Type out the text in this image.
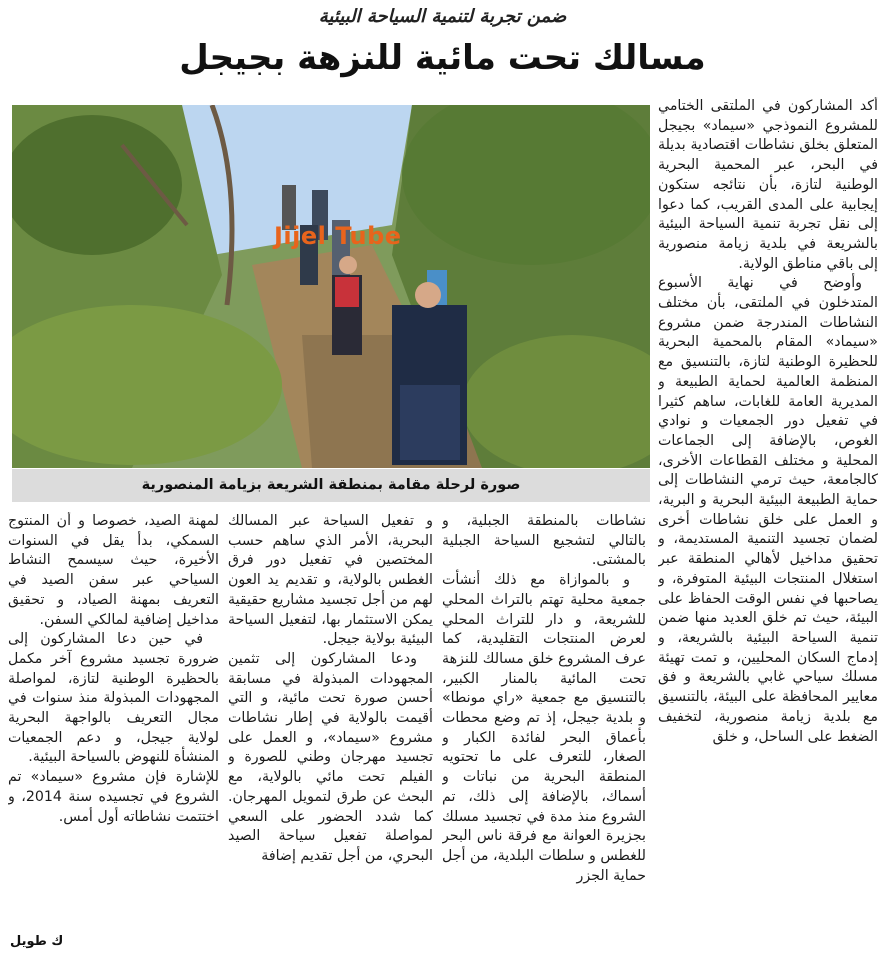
ضمن تجربة لتنمية السياحة البيئية
مسالك تحت مائية للنزهة بجيجل
Jijel Tube
صورة لرحلة مقامة بمنطقة الشريعة بزيامة المنصورية

أكد المشاركون في الملتقى الختامي للمشروع النموذجي «سيماد» بجيجل المتعلق بخلق نشاطات اقتصادية بديلة في البحر، عبر المحمية البحرية الوطنية لتازة، بأن نتائجه ستكون إيجابية على المدى القريب، كما دعوا إلى نقل تجربة تنمية السياحة البيئية بالشريعة في بلدية زيامة منصورية إلى باقي مناطق الولاية.

وأوضح في نهاية الأسبوع المتدخلون في الملتقى، بأن مختلف النشاطات المندرجة ضمن مشروع «سيماد» المقام بالمحمية البحرية للحظيرة الوطنية لتازة، بالتنسيق مع المنظمة العالمية لحماية الطبيعة و المديرية العامة للغابات، ساهم كثيرا في تفعيل دور الجمعيات و نوادي الغوص، بالإضافة إلى الجماعات المحلية و مختلف القطاعات الأخرى، كالجامعة، حيث ترمي النشاطات إلى حماية الطبيعة البيئية البحرية و البرية، و العمل على خلق نشاطات أخرى لضمان تجسيد التنمية المستديمة، و تحقيق مداخيل لأهالي المنطقة عبر استغلال المنتجات البيئية المتوفرة، و يصاحبها في نفس الوقت الحفاظ على البيئة، حيث تم خلق العديد منها ضمن تنمية السياحة البيئية بالشريعة، و إدماج السكان المحليين، و تمت تهيئة مسلك سياحي غابي بالشريعة و فق معايير المحافظة على البيئة، بالتنسيق مع بلدية زيامة منصورية، لتخفيف الضغط على الساحل، و خلق

نشاطات بالمنطقة الجبلية، و بالتالي لتشجيع السياحة الجبلية بالمشتى.

و بالموازاة مع ذلك أنشأت جمعية محلية تهتم بالتراث المحلي للشريعة، و دار للتراث المحلي لعرض المنتجات التقليدية، كما عرف المشروع خلق مسالك للنزهة تحت المائية بالمنار الكبير، بالتنسيق مع جمعية «راي مونطا» و بلدية جيجل، إذ تم وضع محطات بأعماق البحر لفائدة الكبار و الصغار، للتعرف على ما تحتويه المنطقة البحرية من نباتات و أسماك، بالإضافة إلى ذلك، تم الشروع منذ مدة في تجسيد مسلك بجزيرة العوانة مع فرقة ناس البحر للغطس و سلطات البلدية، من أجل حماية الجزر

و تفعيل السياحة عبر المسالك البحرية، الأمر الذي ساهم حسب المختصين في تفعيل دور فرق الغطس بالولاية، و تقديم يد العون لهم من أجل تجسيد مشاريع حقيقية يمكن الاستثمار بها، لتفعيل السياحة البيئية بولاية جيجل.

ودعا المشاركون إلى تثمين المجهودات المبذولة في مسابقة أحسن صورة تحت مائية، و التي أقيمت بالولاية في إطار نشاطات مشروع «سيماد»، و العمل على تجسيد مهرجان وطني للصورة و الفيلم تحت مائي بالولاية، مع البحث عن طرق لتمويل المهرجان. كما شدد الحضور على السعي لمواصلة تفعيل سياحة الصيد البحري، من أجل تقديم إضافة

لمهنة الصيد، خصوصا و أن المنتوج السمكي، بدأ يقل في السنوات الأخيرة، حيث سيسمح النشاط السياحي عبر سفن الصيد في التعريف بمهنة الصياد، و تحقيق مداخيل إضافية لمالكي السفن.

في حين دعا المشاركون إلى ضرورة تجسيد مشروع آخر مكمل بالحظيرة الوطنية لتازة، لمواصلة المجهودات المبذولة منذ سنوات في مجال التعريف بالواجهة البحرية لولاية جيجل، و دعم الجمعيات المنشأة للنهوض بالسياحة البيئية.

للإشارة فإن مشروع «سيماد» تم الشروع في تجسيده سنة 2014، و اختتمت نشاطاته أول أمس.

ك طويل
